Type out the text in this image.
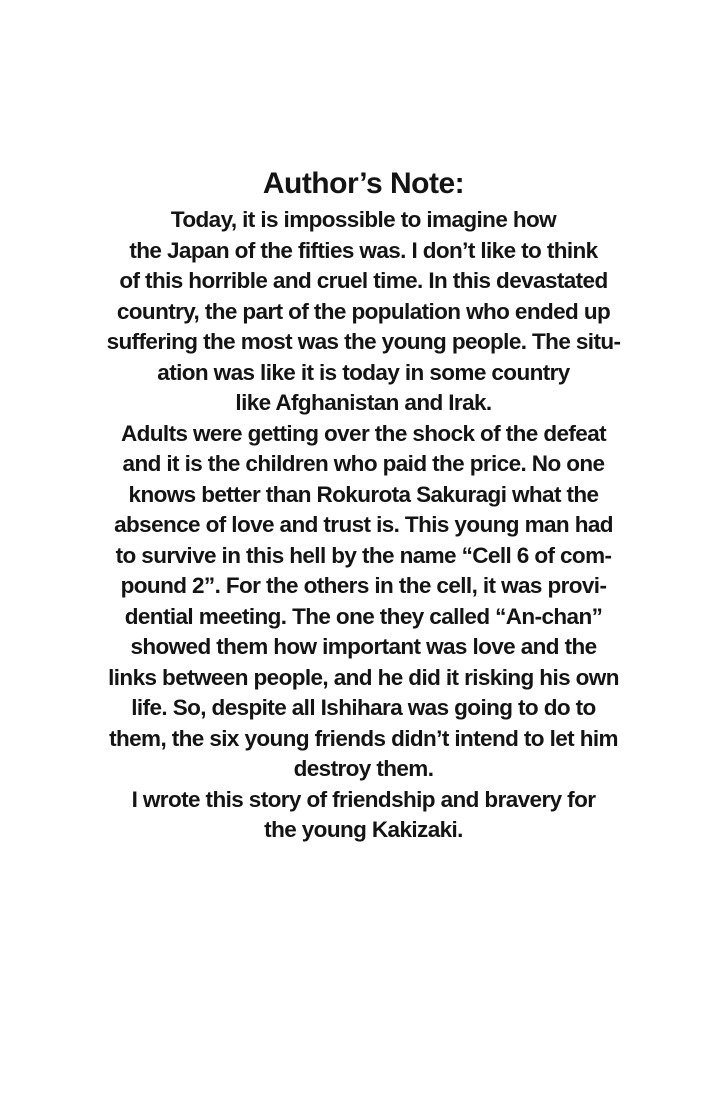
Author’s Note:
Today, it is impossible to imagine how
the Japan of the fifties was. I don’t like to think
of this horrible and cruel time. In this devastated
country, the part of the population who ended up
suffering the most was the young people. The situ-
ation was like it is today in some country
like Afghanistan and Irak.
Adults were getting over the shock of the defeat
and it is the children who paid the price. No one
knows better than Rokurota Sakuragi what the
absence of love and trust is. This young man had
to survive in this hell by the name “Cell 6 of com-
pound 2”. For the others in the cell, it was provi-
dential meeting. The one they called “An-chan”
showed them how important was love and the
links between people, and he did it risking his own
life. So, despite all Ishihara was going to do to
them, the six young friends didn’t intend to let him
destroy them.
I wrote this story of friendship and bravery for
the young Kakizaki.
